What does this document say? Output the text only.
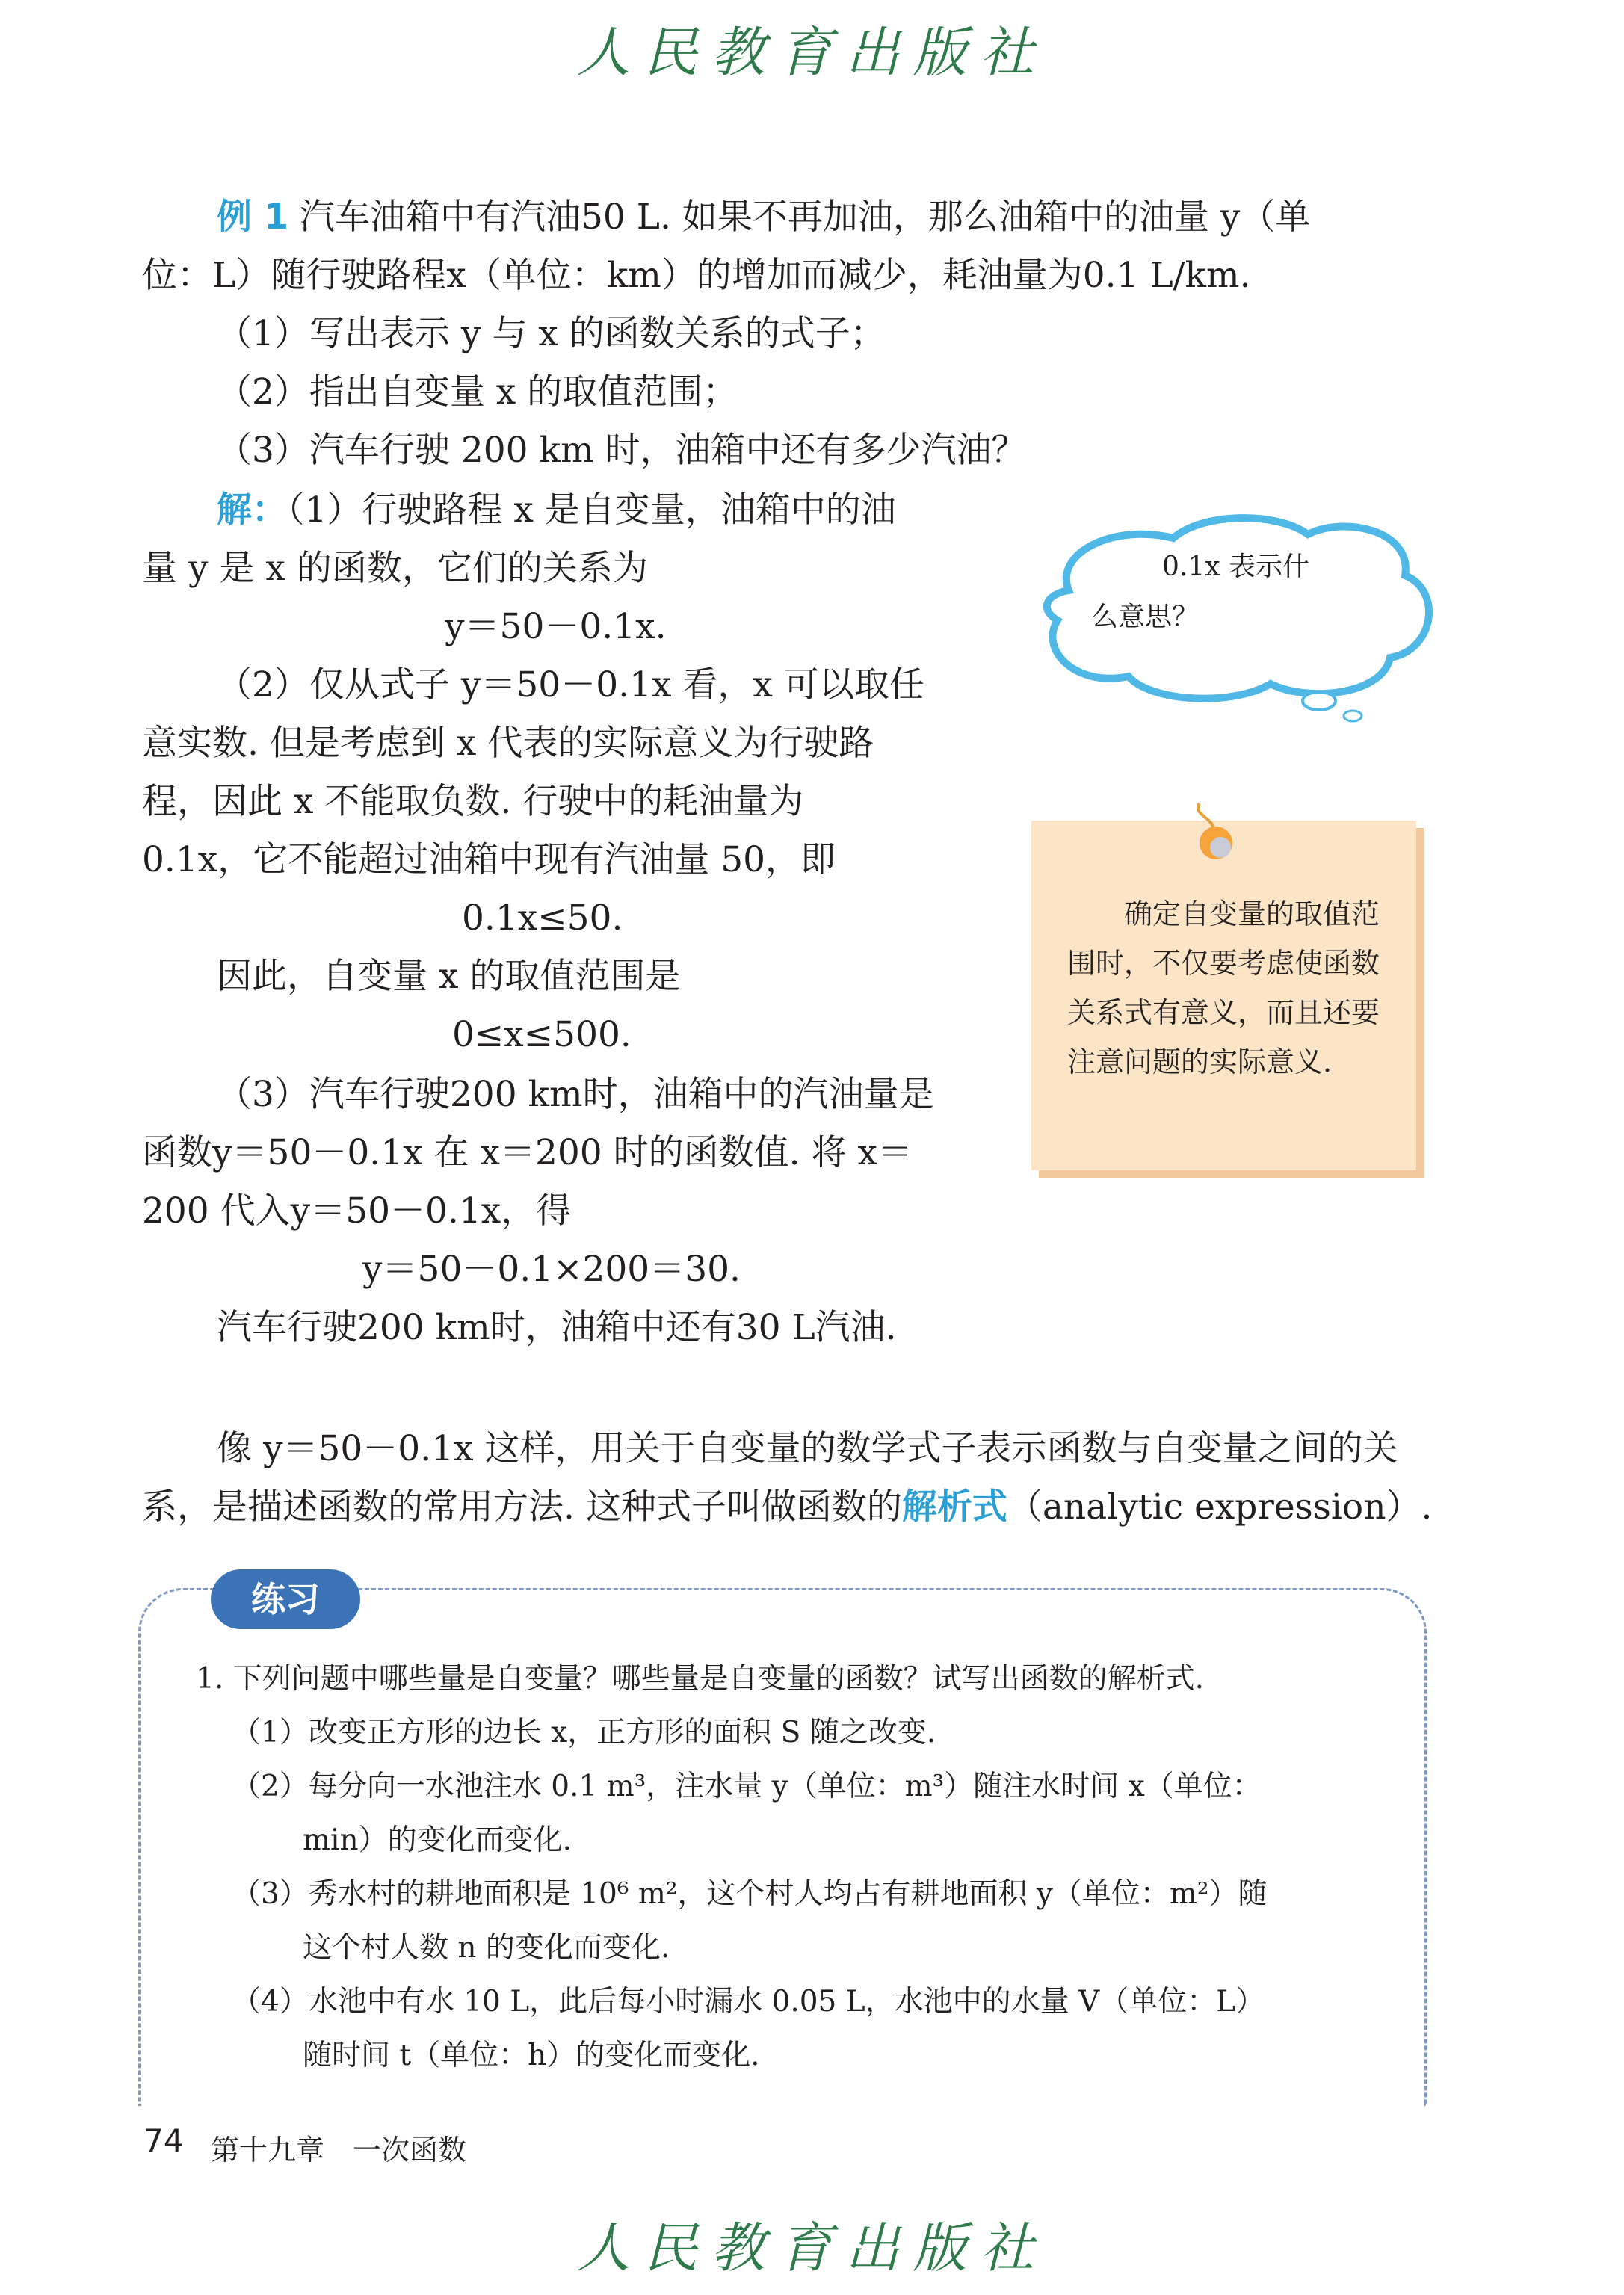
人民教育出版社
例 1 汽车油箱中有汽油50 L. 如果不再加油，那么油箱中的油量 y（单
位：L）随行驶路程x（单位：km）的增加而减少，耗油量为0.1 L/km.
（1）写出表示 y 与 x 的函数关系的式子；
（2）指出自变量 x 的取值范围；
（3）汽车行驶 200 km 时，油箱中还有多少汽油？
解：（1）行驶路程 x 是自变量，油箱中的油
量 y 是 x 的函数，它们的关系为
y＝50－0.1x.
（2）仅从式子 y＝50－0.1x 看，x 可以取任
意实数. 但是考虑到 x 代表的实际意义为行驶路
程，因此 x 不能取负数. 行驶中的耗油量为
0.1x，它不能超过油箱中现有汽油量 50，即
0.1x≤50.
因此，自变量 x 的取值范围是
0≤x≤500.
（3）汽车行驶200 km时，油箱中的汽油量是
函数y＝50－0.1x 在 x＝200 时的函数值. 将 x＝
200 代入y＝50－0.1x，得
y＝50－0.1×200＝30.
汽车行驶200 km时，油箱中还有30 L汽油.
0.1x 表示什
么意思？
　　确定自变量的取值范围时，不仅要考虑使函数关系式有意义，而且还要注意问题的实际意义.
像 y＝50－0.1x 这样，用关于自变量的数学式子表示函数与自变量之间的关
系，是描述函数的常用方法. 这种式子叫做函数的解析式（analytic expression）.
练习
1. 下列问题中哪些量是自变量？哪些量是自变量的函数？试写出函数的解析式.
（1）改变正方形的边长 x，正方形的面积 S 随之改变.
（2）每分向一水池注水 0.1 m³，注水量 y（单位：m³）随注水时间 x（单位：
min）的变化而变化.
（3）秀水村的耕地面积是 10⁶ m²，这个村人均占有耕地面积 y（单位：m²）随
这个村人数 n 的变化而变化.
（4）水池中有水 10 L，此后每小时漏水 0.05 L，水池中的水量 V（单位：L）
随时间 t（单位：h）的变化而变化.
74 第十九章　一次函数
人民教育出版社
